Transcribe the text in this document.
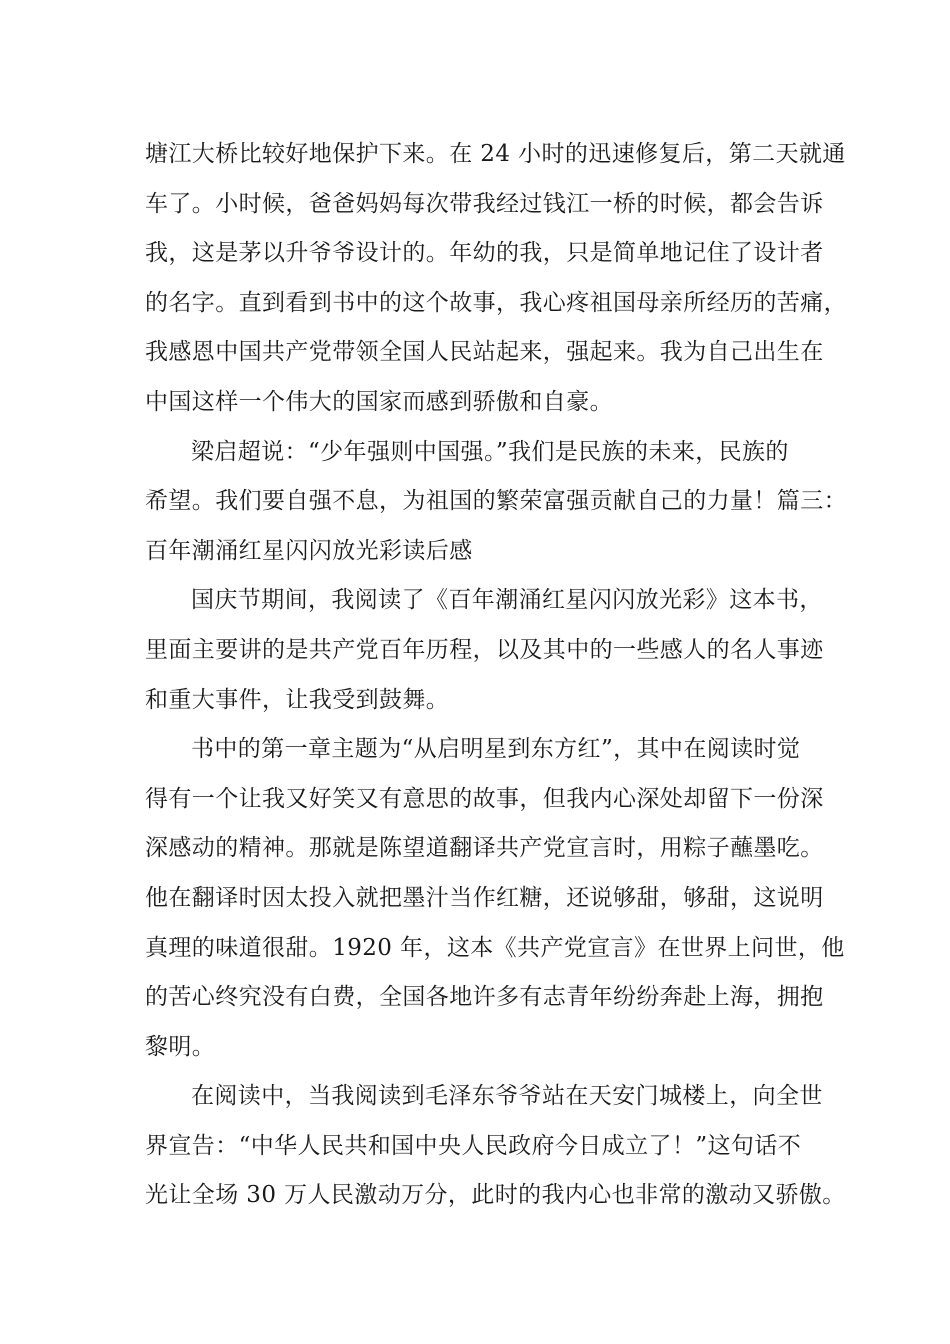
塘江大桥比较好地保护下来。在 24 小时的迅速修复后，第二天就通
车了。小时候，爸爸妈妈每次带我经过钱江一桥的时候，都会告诉
我，这是茅以升爷爷设计的。年幼的我，只是简单地记住了设计者
的名字。直到看到书中的这个故事，我心疼祖国母亲所经历的苦痛，
我感恩中国共产党带领全国人民站起来，强起来。我为自己出生在
中国这样一个伟大的国家而感到骄傲和自豪。
梁启超说：“少年强则中国强。”我们是民族的未来，民族的
希望。我们要自强不息，为祖国的繁荣富强贡献自己的力量！篇三：
百年潮涌红星闪闪放光彩读后感
国庆节期间，我阅读了《百年潮涌红星闪闪放光彩》这本书，
里面主要讲的是共产党百年历程，以及其中的一些感人的名人事迹
和重大事件，让我受到鼓舞。
书中的第一章主题为“从启明星到东方红”，其中在阅读时觉
得有一个让我又好笑又有意思的故事，但我内心深处却留下一份深
深感动的精神。那就是陈望道翻译共产党宣言时，用粽子蘸墨吃。
他在翻译时因太投入就把墨汁当作红糖，还说够甜，够甜，这说明
真理的味道很甜。1920 年，这本《共产党宣言》在世界上问世，他
的苦心终究没有白费，全国各地许多有志青年纷纷奔赴上海，拥抱
黎明。
在阅读中，当我阅读到毛泽东爷爷站在天安门城楼上，向全世
界宣告：“中华人民共和国中央人民政府今日成立了！”这句话不
光让全场 30 万人民激动万分，此时的我内心也非常的激动又骄傲。
